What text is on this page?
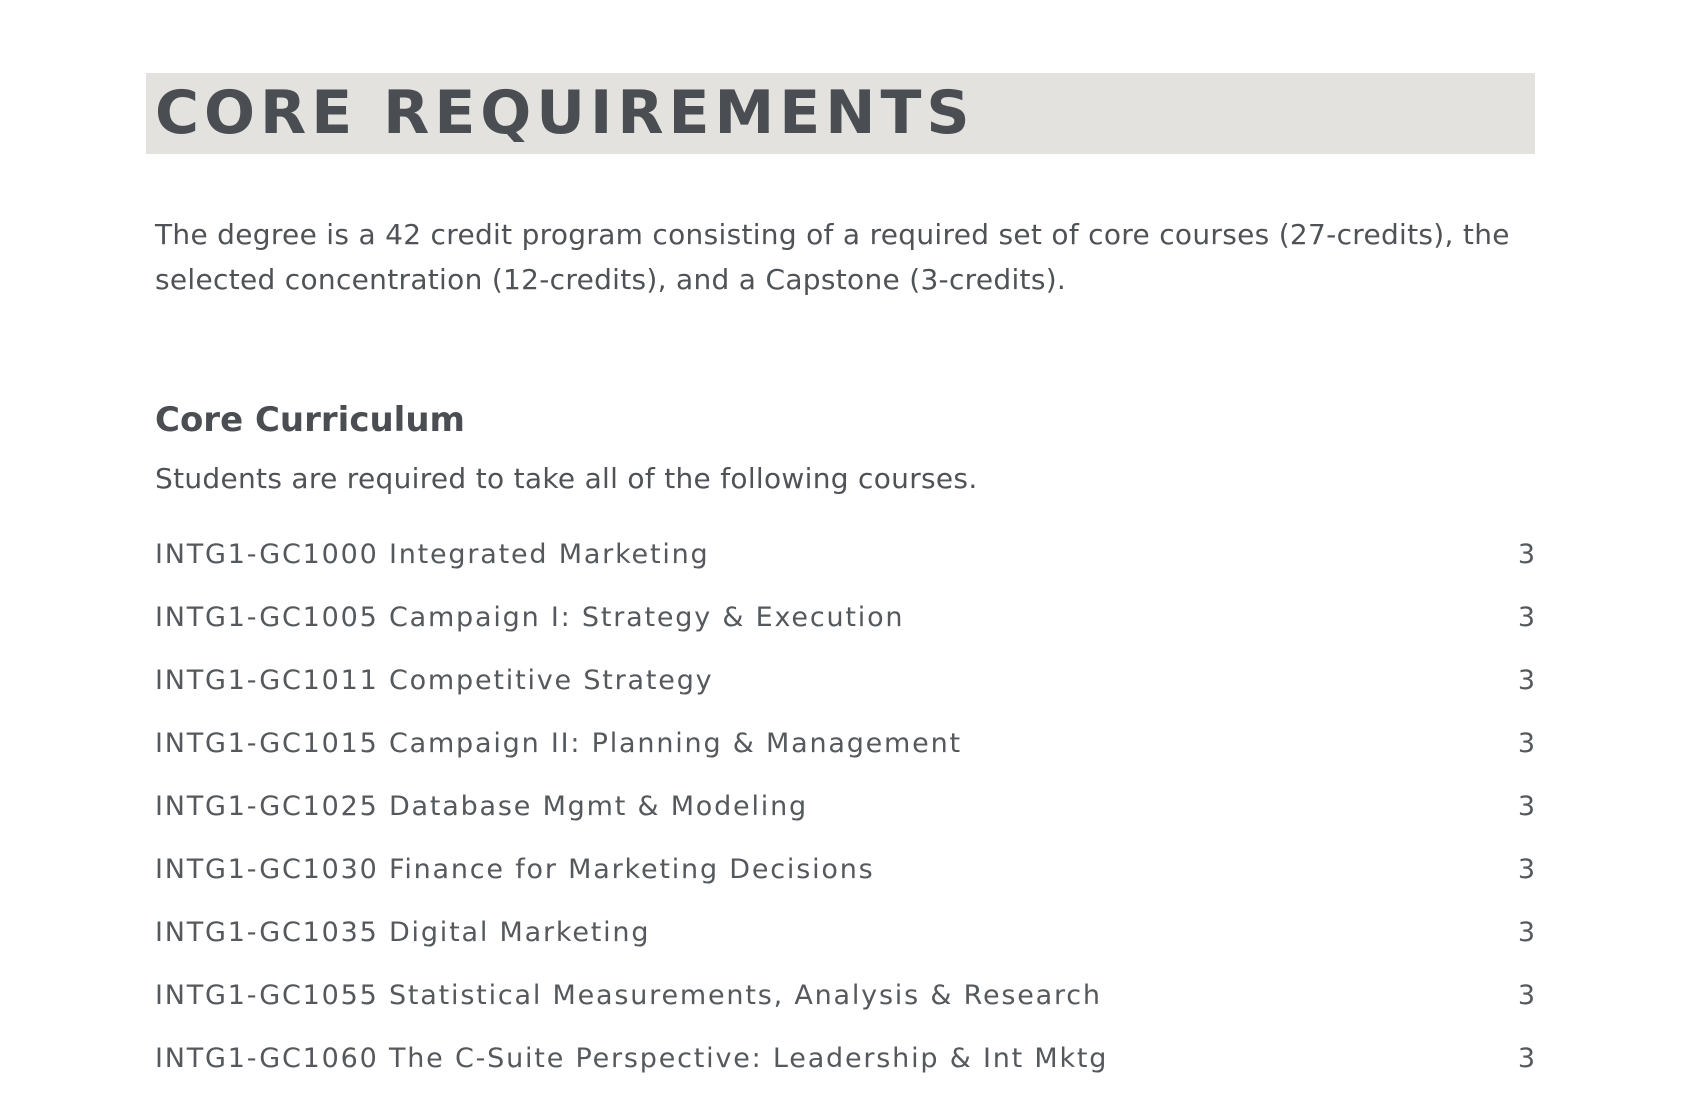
CORE REQUIREMENTS

The degree is a 42 credit program consisting of a required set of core courses (27-credits), the selected concentration (12-credits), and a Capstone (3-credits).

Core Curriculum

Students are required to take all of the following courses.

INTG1-GC1000 Integrated Marketing	3
INTG1-GC1005 Campaign I: Strategy & Execution	3
INTG1-GC1011 Competitive Strategy	3
INTG1-GC1015 Campaign II: Planning & Management	3
INTG1-GC1025 Database Mgmt & Modeling	3
INTG1-GC1030 Finance for Marketing Decisions	3
INTG1-GC1035 Digital Marketing	3
INTG1-GC1055 Statistical Measurements, Analysis & Research	3
INTG1-GC1060 The C-Suite Perspective: Leadership & Int Mktg	3
